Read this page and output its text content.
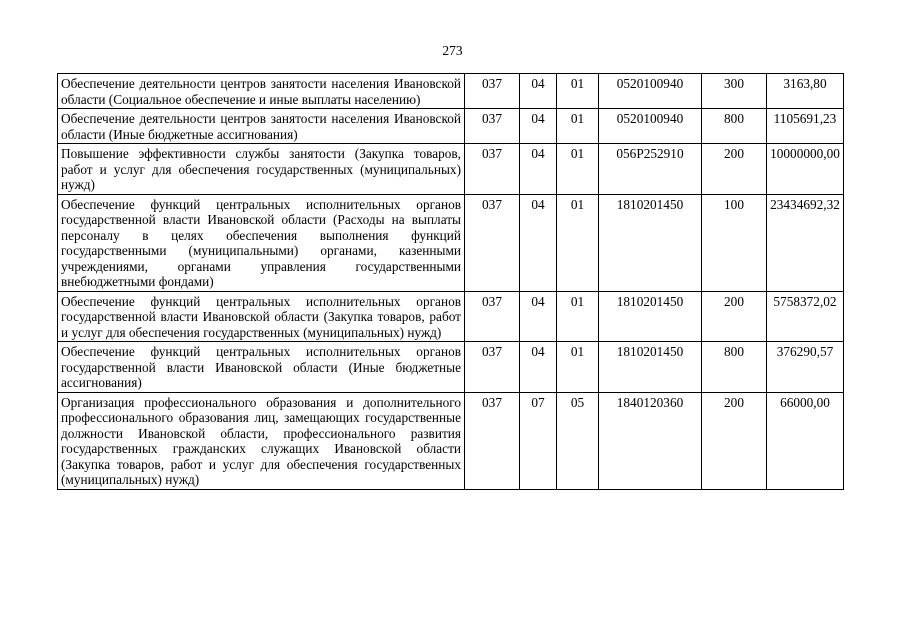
273
Обеспечение деятельности центров занятости населения Ивановской области (Социальное обеспечение и иные выплаты населению)	037	04	01	0520100940	300	3163,80
Обеспечение деятельности центров занятости населения Ивановской области (Иные бюджетные ассигнования)	037	04	01	0520100940	800	1105691,23
Повышение эффективности службы занятости (Закупка товаров, работ и услуг для обеспечения государственных (муниципальных) нужд)	037	04	01	056P252910	200	10000000,00
Обеспечение функций центральных исполнительных органов государственной власти Ивановской области (Расходы на выплаты персоналу в целях обеспечения выполнения функций государственными (муниципальными) органами, казенными учреждениями, органами управления государственными внебюджетными фондами)	037	04	01	1810201450	100	23434692,32
Обеспечение функций центральных исполнительных органов государственной власти Ивановской области (Закупка товаров, работ и услуг для обеспечения государственных (муниципальных) нужд)	037	04	01	1810201450	200	5758372,02
Обеспечение функций центральных исполнительных органов государственной власти Ивановской области (Иные бюджетные ассигнования)	037	04	01	1810201450	800	376290,57
Организация профессионального образования и дополнительного профессионального образования лиц, замещающих государственные должности Ивановской области, профессионального развития государственных гражданских служащих Ивановской области (Закупка товаров, работ и услуг для обеспечения государственных (муниципальных) нужд)	037	07	05	1840120360	200	66000,00
